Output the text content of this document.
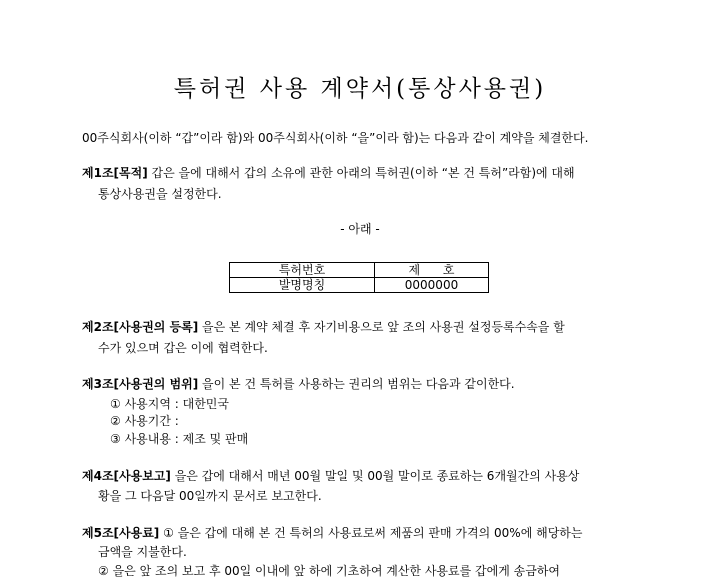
특허권 사용 계약서(통상사용권)
00주식회사(이하 “갑”이라 함)와 00주식회사(이하 “을”이라 함)는 다음과 같이 계약을 체결한다.
제1조[목적] 갑은 을에 대해서 갑의 소유에 관한 아래의 특허권(이하 “본 건 특허”라함)에 대해
통상사용권을 설정한다.
- 아래 -
특허번호	제      호
발명명칭	0000000
제2조[사용권의 등록] 을은 본 계약 체결 후 자기비용으로 앞 조의 사용권 설정등록수속을 할
수가 있으며 갑은 이에 협력한다.
제3조[사용권의 범위] 을이 본 건 특허를 사용하는 권리의 범위는 다음과 같이한다.
① 사용지역 : 대한민국
② 사용기간 :
③ 사용내용 : 제조 및 판매
제4조[사용보고] 을은 갑에 대해서 매년 00월 말일 및 00월 말이로 종료하는 6개월간의 사용상
황을 그 다음달 00일까지 문서로 보고한다.
제5조[사용료] ① 을은 갑에 대해 본 건 특허의 사용료로써 제품의 판매 가격의 00%에 해당하는
금액을 지불한다.
② 을은 앞 조의 보고 후 00일 이내에 앞 하에 기초하여 계산한 사용료를 갑에게 송금하여
